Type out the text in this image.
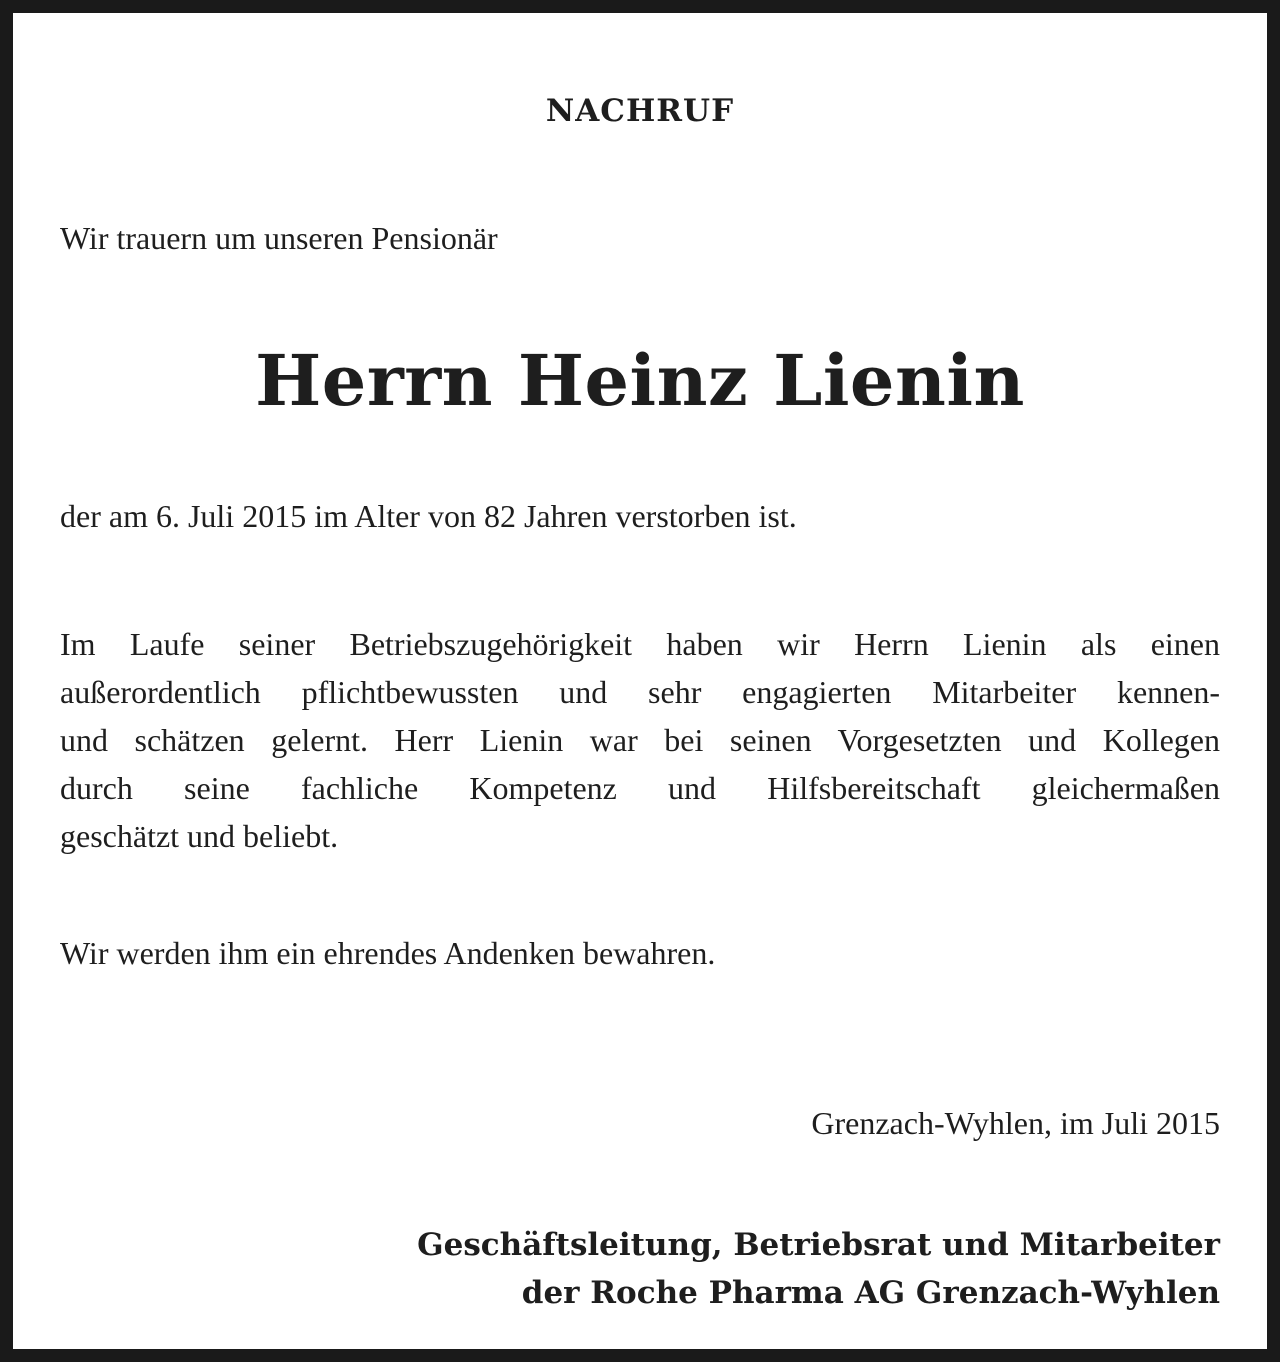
NACHRUF
Wir trauern um unseren Pensionär
Herrn Heinz Lienin
der am 6. Juli 2015 im Alter von 82 Jahren verstorben ist.
Im Laufe seiner Betriebszugehörigkeit haben wir Herrn Lienin als einen
außerordentlich pflichtbewussten und sehr engagierten Mitarbeiter kennen-
und schätzen gelernt. Herr Lienin war bei seinen Vorgesetzten und Kollegen
durch seine fachliche Kompetenz und Hilfsbereitschaft gleichermaßen
geschätzt und beliebt.
Wir werden ihm ein ehrendes Andenken bewahren.
Grenzach-Wyhlen, im Juli 2015
Geschäftsleitung, Betriebsrat und Mitarbeiter
der Roche Pharma AG Grenzach-Wyhlen
